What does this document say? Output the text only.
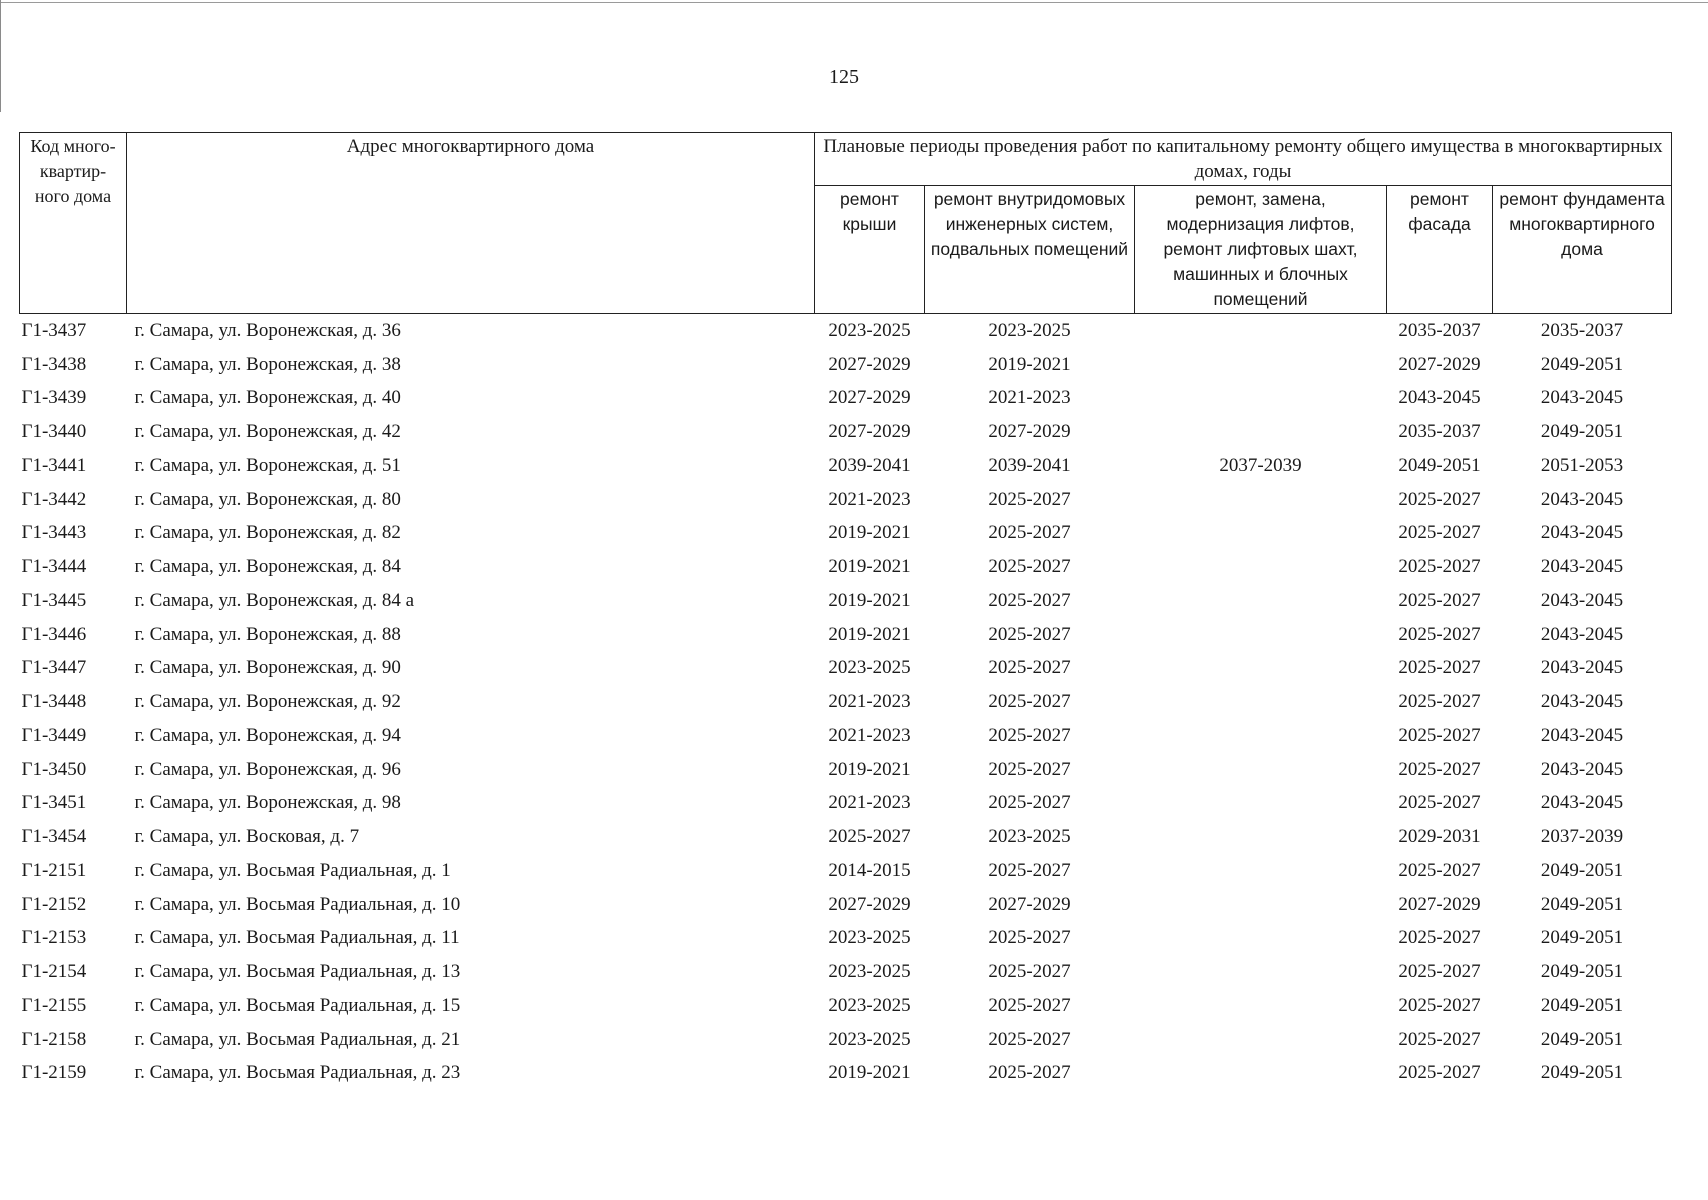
125
Код много-квартир-ного дома	Адрес многоквартирного дома	Плановые периоды проведения работ по капитальному ремонту общего имущества в многоквартирных домах, годы				
		ремонт крыши	ремонт внутридомовых инженерных систем, подвальных помещений	ремонт, замена, модернизация лифтов, ремонт лифтовых шахт, машинных и блочных помещений	ремонт фасада	ремонт фундамента многоквартирного дома
Г1-3437	г. Самара, ул. Воронежская, д. 36	2023-2025	2023-2025		2035-2037	2035-2037
Г1-3438	г. Самара, ул. Воронежская, д. 38	2027-2029	2019-2021		2027-2029	2049-2051
Г1-3439	г. Самара, ул. Воронежская, д. 40	2027-2029	2021-2023		2043-2045	2043-2045
Г1-3440	г. Самара, ул. Воронежская, д. 42	2027-2029	2027-2029		2035-2037	2049-2051
Г1-3441	г. Самара, ул. Воронежская, д. 51	2039-2041	2039-2041	2037-2039	2049-2051	2051-2053
Г1-3442	г. Самара, ул. Воронежская, д. 80	2021-2023	2025-2027		2025-2027	2043-2045
Г1-3443	г. Самара, ул. Воронежская, д. 82	2019-2021	2025-2027		2025-2027	2043-2045
Г1-3444	г. Самара, ул. Воронежская, д. 84	2019-2021	2025-2027		2025-2027	2043-2045
Г1-3445	г. Самара, ул. Воронежская, д. 84 а	2019-2021	2025-2027		2025-2027	2043-2045
Г1-3446	г. Самара, ул. Воронежская, д. 88	2019-2021	2025-2027		2025-2027	2043-2045
Г1-3447	г. Самара, ул. Воронежская, д. 90	2023-2025	2025-2027		2025-2027	2043-2045
Г1-3448	г. Самара, ул. Воронежская, д. 92	2021-2023	2025-2027		2025-2027	2043-2045
Г1-3449	г. Самара, ул. Воронежская, д. 94	2021-2023	2025-2027		2025-2027	2043-2045
Г1-3450	г. Самара, ул. Воронежская, д. 96	2019-2021	2025-2027		2025-2027	2043-2045
Г1-3451	г. Самара, ул. Воронежская, д. 98	2021-2023	2025-2027		2025-2027	2043-2045
Г1-3454	г. Самара, ул. Восковая, д. 7	2025-2027	2023-2025		2029-2031	2037-2039
Г1-2151	г. Самара, ул. Восьмая Радиальная, д. 1	2014-2015	2025-2027		2025-2027	2049-2051
Г1-2152	г. Самара, ул. Восьмая Радиальная, д. 10	2027-2029	2027-2029		2027-2029	2049-2051
Г1-2153	г. Самара, ул. Восьмая Радиальная, д. 11	2023-2025	2025-2027		2025-2027	2049-2051
Г1-2154	г. Самара, ул. Восьмая Радиальная, д. 13	2023-2025	2025-2027		2025-2027	2049-2051
Г1-2155	г. Самара, ул. Восьмая Радиальная, д. 15	2023-2025	2025-2027		2025-2027	2049-2051
Г1-2158	г. Самара, ул. Восьмая Радиальная, д. 21	2023-2025	2025-2027		2025-2027	2049-2051
Г1-2159	г. Самара, ул. Восьмая Радиальная, д. 23	2019-2021	2025-2027		2025-2027	2049-2051
